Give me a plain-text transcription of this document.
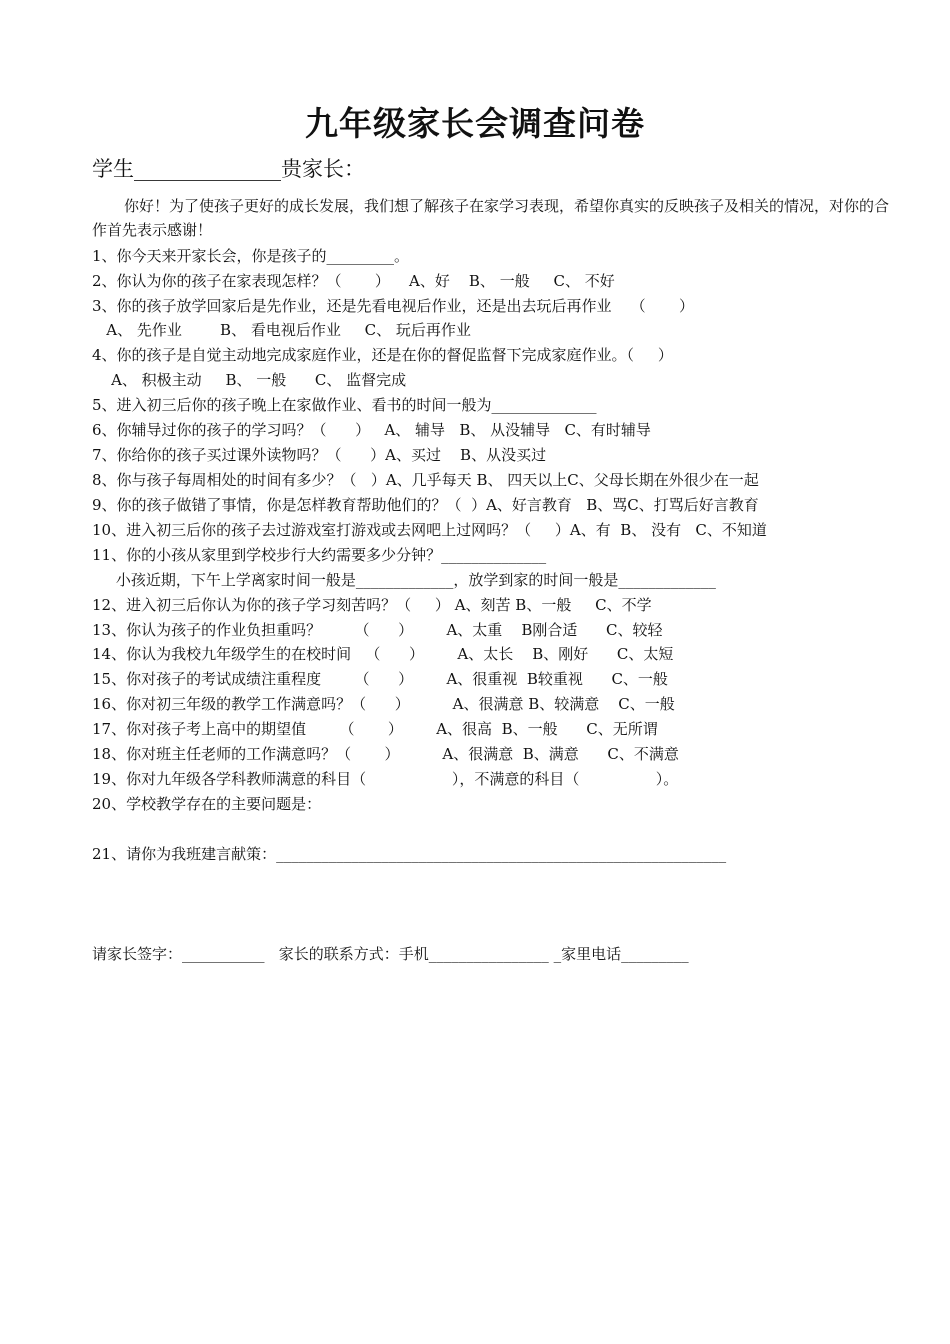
九年级家长会调查问卷
学生______________贵家长：

你好！为了使孩子更好的成长发展，我们想了解孩子在家学习表现，希望你真实的反映孩子及相关的情况，对你的合作首先表示感谢！

1、你今天来开家长会，你是孩子的_________。
2、你认为你的孩子在家表现怎样？（       ）    A、好    B、 一般     C、 不好
3、你的孩子放学回家后是先作业，还是先看电视后作业，还是出去玩后再作业    （       ）
A、 先作业        B、 看电视后作业     C、 玩后再作业
4、你的孩子是自觉主动地完成家庭作业，还是在你的督促监督下完成家庭作业。（     ）
A、 积极主动     B、 一般      C、 监督完成
5、进入初三后你的孩子晚上在家做作业、看书的时间一般为______________
6、你辅导过你的孩子的学习吗？（      ）   A、 辅导   B、 从没辅导   C、有时辅导
7、你给你的孩子买过课外读物吗？（      ）A、买过    B、从没买过
8、你与孩子每周相处的时间有多少？（   ）A、几乎每天 B、 四天以上C、父母长期在外很少在一起
9、你的孩子做错了事情，你是怎样教育帮助他们的？（  ）A、好言教育   B、骂C、打骂后好言教育
10、进入初三后你的孩子去过游戏室打游戏或去网吧上过网吗？（     ）A、有  B、 没有   C、不知道
11、你的小孩从家里到学校步行大约需要多少分钟？______________
小孩近期，下午上学离家时间一般是_____________，放学到家的时间一般是_____________
12、进入初三后你认为你的孩子学习刻苦吗？（     ） A、刻苦 B、一般     C、不学
13、你认为孩子的作业负担重吗？       （      ）       A、太重    B刚合适      C、较轻
14、你认为我校九年级学生的在校时间   （      ）       A、太长    B、刚好      C、太短
15、你对孩子的考试成绩注重程度       （      ）       A、很重视  B较重视      C、一般
16、你对初三年级的教学工作满意吗？（      ）         A、很满意 B、较满意    C、一般
17、你对孩子考上高中的期望值       （       ）       A、很高  B、一般      C、无所谓
18、你对班主任老师的工作满意吗？（       ）         A、很满意  B、满意      C、不满意
19、你对九年级各学科教师满意的科目（                  ），不满意的科目（                ）。
20、学校教学存在的主要问题是：
21、请你为我班建言献策：____________________________________________________________
请家长签字：___________   家长的联系方式：手机________________ _家里电话_________
